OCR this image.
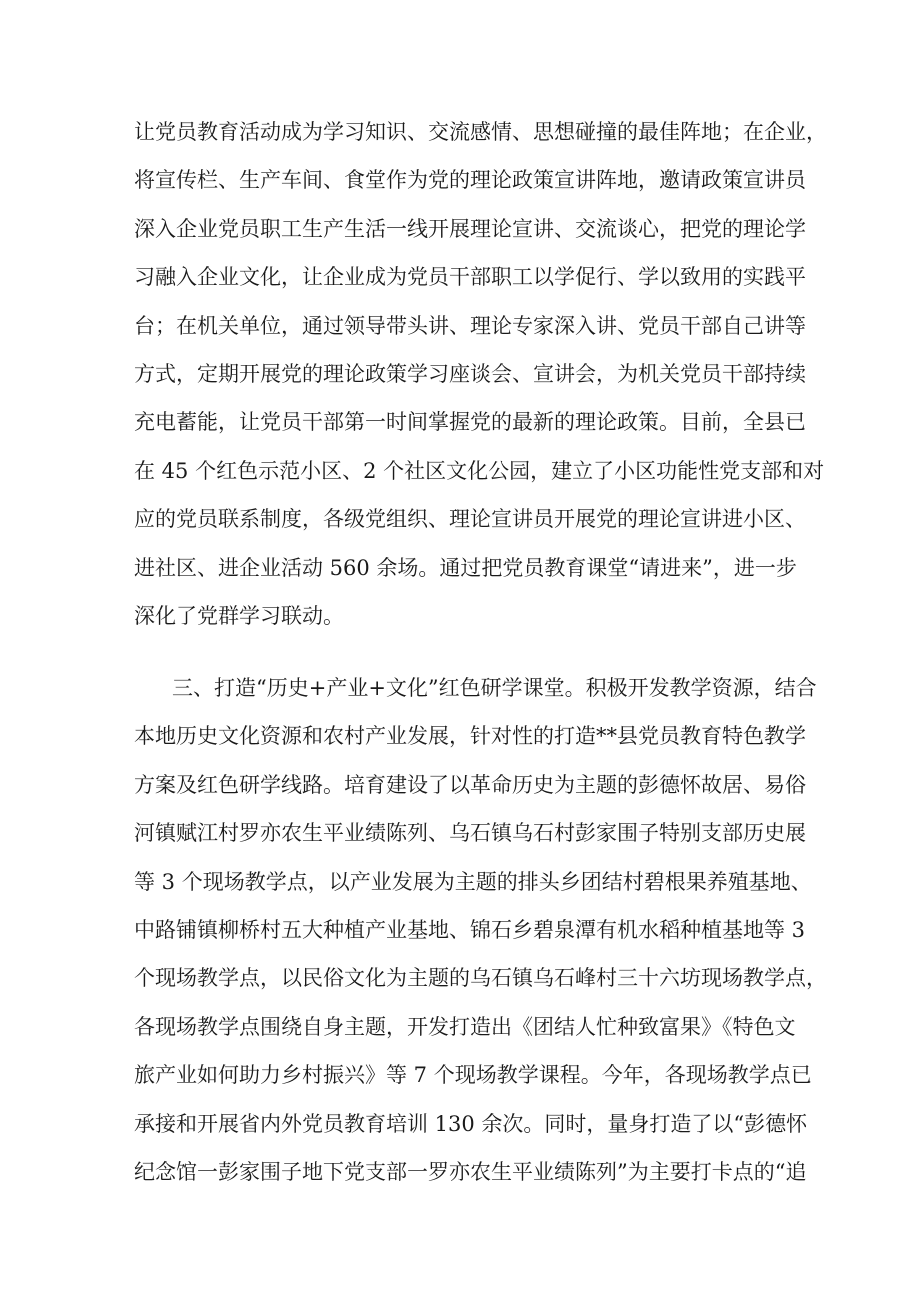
让党员教育活动成为学习知识、交流感情、思想碰撞的最佳阵地；在企业，
将宣传栏、生产车间、食堂作为党的理论政策宣讲阵地，邀请政策宣讲员
深入企业党员职工生产生活一线开展理论宣讲、交流谈心，把党的理论学
习融入企业文化，让企业成为党员干部职工以学促行、学以致用的实践平
台；在机关单位，通过领导带头讲、理论专家深入讲、党员干部自己讲等
方式，定期开展党的理论政策学习座谈会、宣讲会，为机关党员干部持续
充电蓄能，让党员干部第一时间掌握党的最新的理论政策。目前，全县已
在 45 个红色示范小区、2 个社区文化公园，建立了小区功能性党支部和对
应的党员联系制度，各级党组织、理论宣讲员开展党的理论宣讲进小区、
进社区、进企业活动 560 余场。通过把党员教育课堂“请进来”，进一步
深化了党群学习联动。
三、打造“历史+产业+文化”红色研学课堂。积极开发教学资源，结合
本地历史文化资源和农村产业发展，针对性的打造**县党员教育特色教学
方案及红色研学线路。培育建设了以革命历史为主题的彭德怀故居、易俗
河镇赋江村罗亦农生平业绩陈列、乌石镇乌石村彭家围子特别支部历史展
等 3 个现场教学点，以产业发展为主题的排头乡团结村碧根果养殖基地、
中路铺镇柳桥村五大种植产业基地、锦石乡碧泉潭有机水稻种植基地等 3
个现场教学点，以民俗文化为主题的乌石镇乌石峰村三十六坊现场教学点，
各现场教学点围绕自身主题，开发打造出《团结人忙种致富果》《特色文
旅产业如何助力乡村振兴》等 7 个现场教学课程。今年，各现场教学点已
承接和开展省内外党员教育培训 130 余次。同时，量身打造了以“彭德怀
纪念馆一彭家围子地下党支部一罗亦农生平业绩陈列”为主要打卡点的“追
